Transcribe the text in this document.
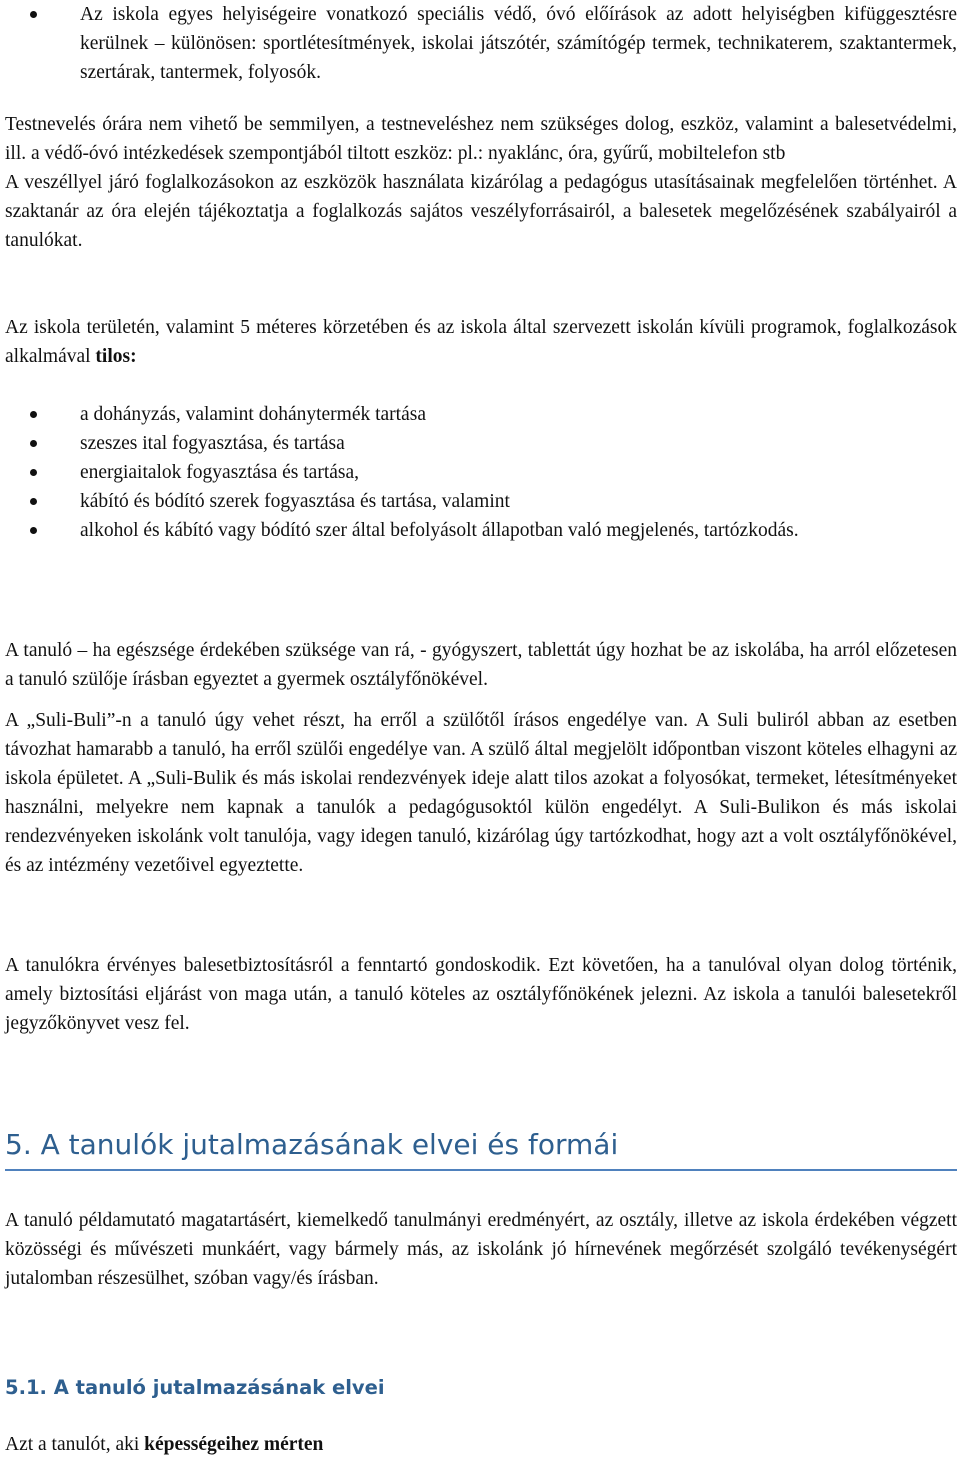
Az iskola egyes helyiségeire vonatkozó speciális védő, óvó előírások az adott helyiségben kifüggesztésre kerülnek – különösen: sportlétesítmények, iskolai játszótér, számítógép termek, technikaterem, szaktantermek, szertárak, tantermek, folyosók.

Testnevelés órára nem vihető be semmilyen, a testneveléshez nem szükséges dolog, eszköz, valamint a balesetvédelmi, ill. a védő-óvó intézkedések szempontjából tiltott eszköz: pl.: nyaklánc, óra, gyűrű, mobiltelefon stb

A veszéllyel járó foglalkozásokon az eszközök használata kizárólag a pedagógus utasításainak megfelelően történhet. A szaktanár az óra elején tájékoztatja a foglalkozás sajátos veszélyforrásairól, a balesetek megelőzésének szabályairól a tanulókat.

Az iskola területén, valamint 5 méteres körzetében és az iskola által szervezett iskolán kívüli programok, foglalkozások alkalmával tilos:

a dohányzás, valamint dohánytermék tartása
szeszes ital fogyasztása, és tartása
energiaitalok fogyasztása és tartása,
kábító és bódító szerek fogyasztása és tartása, valamint
alkohol és kábító vagy bódító szer által befolyásolt állapotban való megjelenés, tartózkodás.

A tanuló – ha egészsége érdekében szüksége van rá, - gyógyszert, tablettát úgy hozhat be az iskolába, ha arról előzetesen a tanuló szülője írásban egyeztet a gyermek osztályfőnökével.

A „Suli-Buli”-n a tanuló úgy vehet részt, ha erről a szülőtől írásos engedélye van. A Suli buliról abban az esetben távozhat hamarabb a tanuló, ha erről szülői engedélye van. A szülő által megjelölt időpontban viszont köteles elhagyni az iskola épületet. A „Suli-Bulik és más iskolai rendezvények ideje alatt tilos azokat a folyosókat, termeket, létesítményeket használni, melyekre nem kapnak a tanulók a pedagógusoktól külön engedélyt. A Suli-Bulikon és más iskolai rendezvényeken iskolánk volt tanulója, vagy idegen tanuló, kizárólag úgy tartózkodhat, hogy azt a volt osztályfőnökével, és az intézmény vezetőivel egyeztette.

A tanulókra érvényes balesetbiztosításról a fenntartó gondoskodik. Ezt követően, ha a tanulóval olyan dolog történik, amely biztosítási eljárást von maga után, a tanuló köteles az osztályfőnökének jelezni. Az iskola a tanulói balesetekről jegyzőkönyvet vesz fel.

5. A tanulók jutalmazásának elvei és formái

A tanuló példamutató magatartásért, kiemelkedő tanulmányi eredményért, az osztály, illetve az iskola érdekében végzett közösségi és művészeti munkáért, vagy bármely más, az iskolánk jó hírnevének megőrzését szolgáló tevékenységért jutalomban részesülhet, szóban vagy/és írásban.

5.1. A tanuló jutalmazásának elvei

Azt a tanulót, aki képességeihez mérten
